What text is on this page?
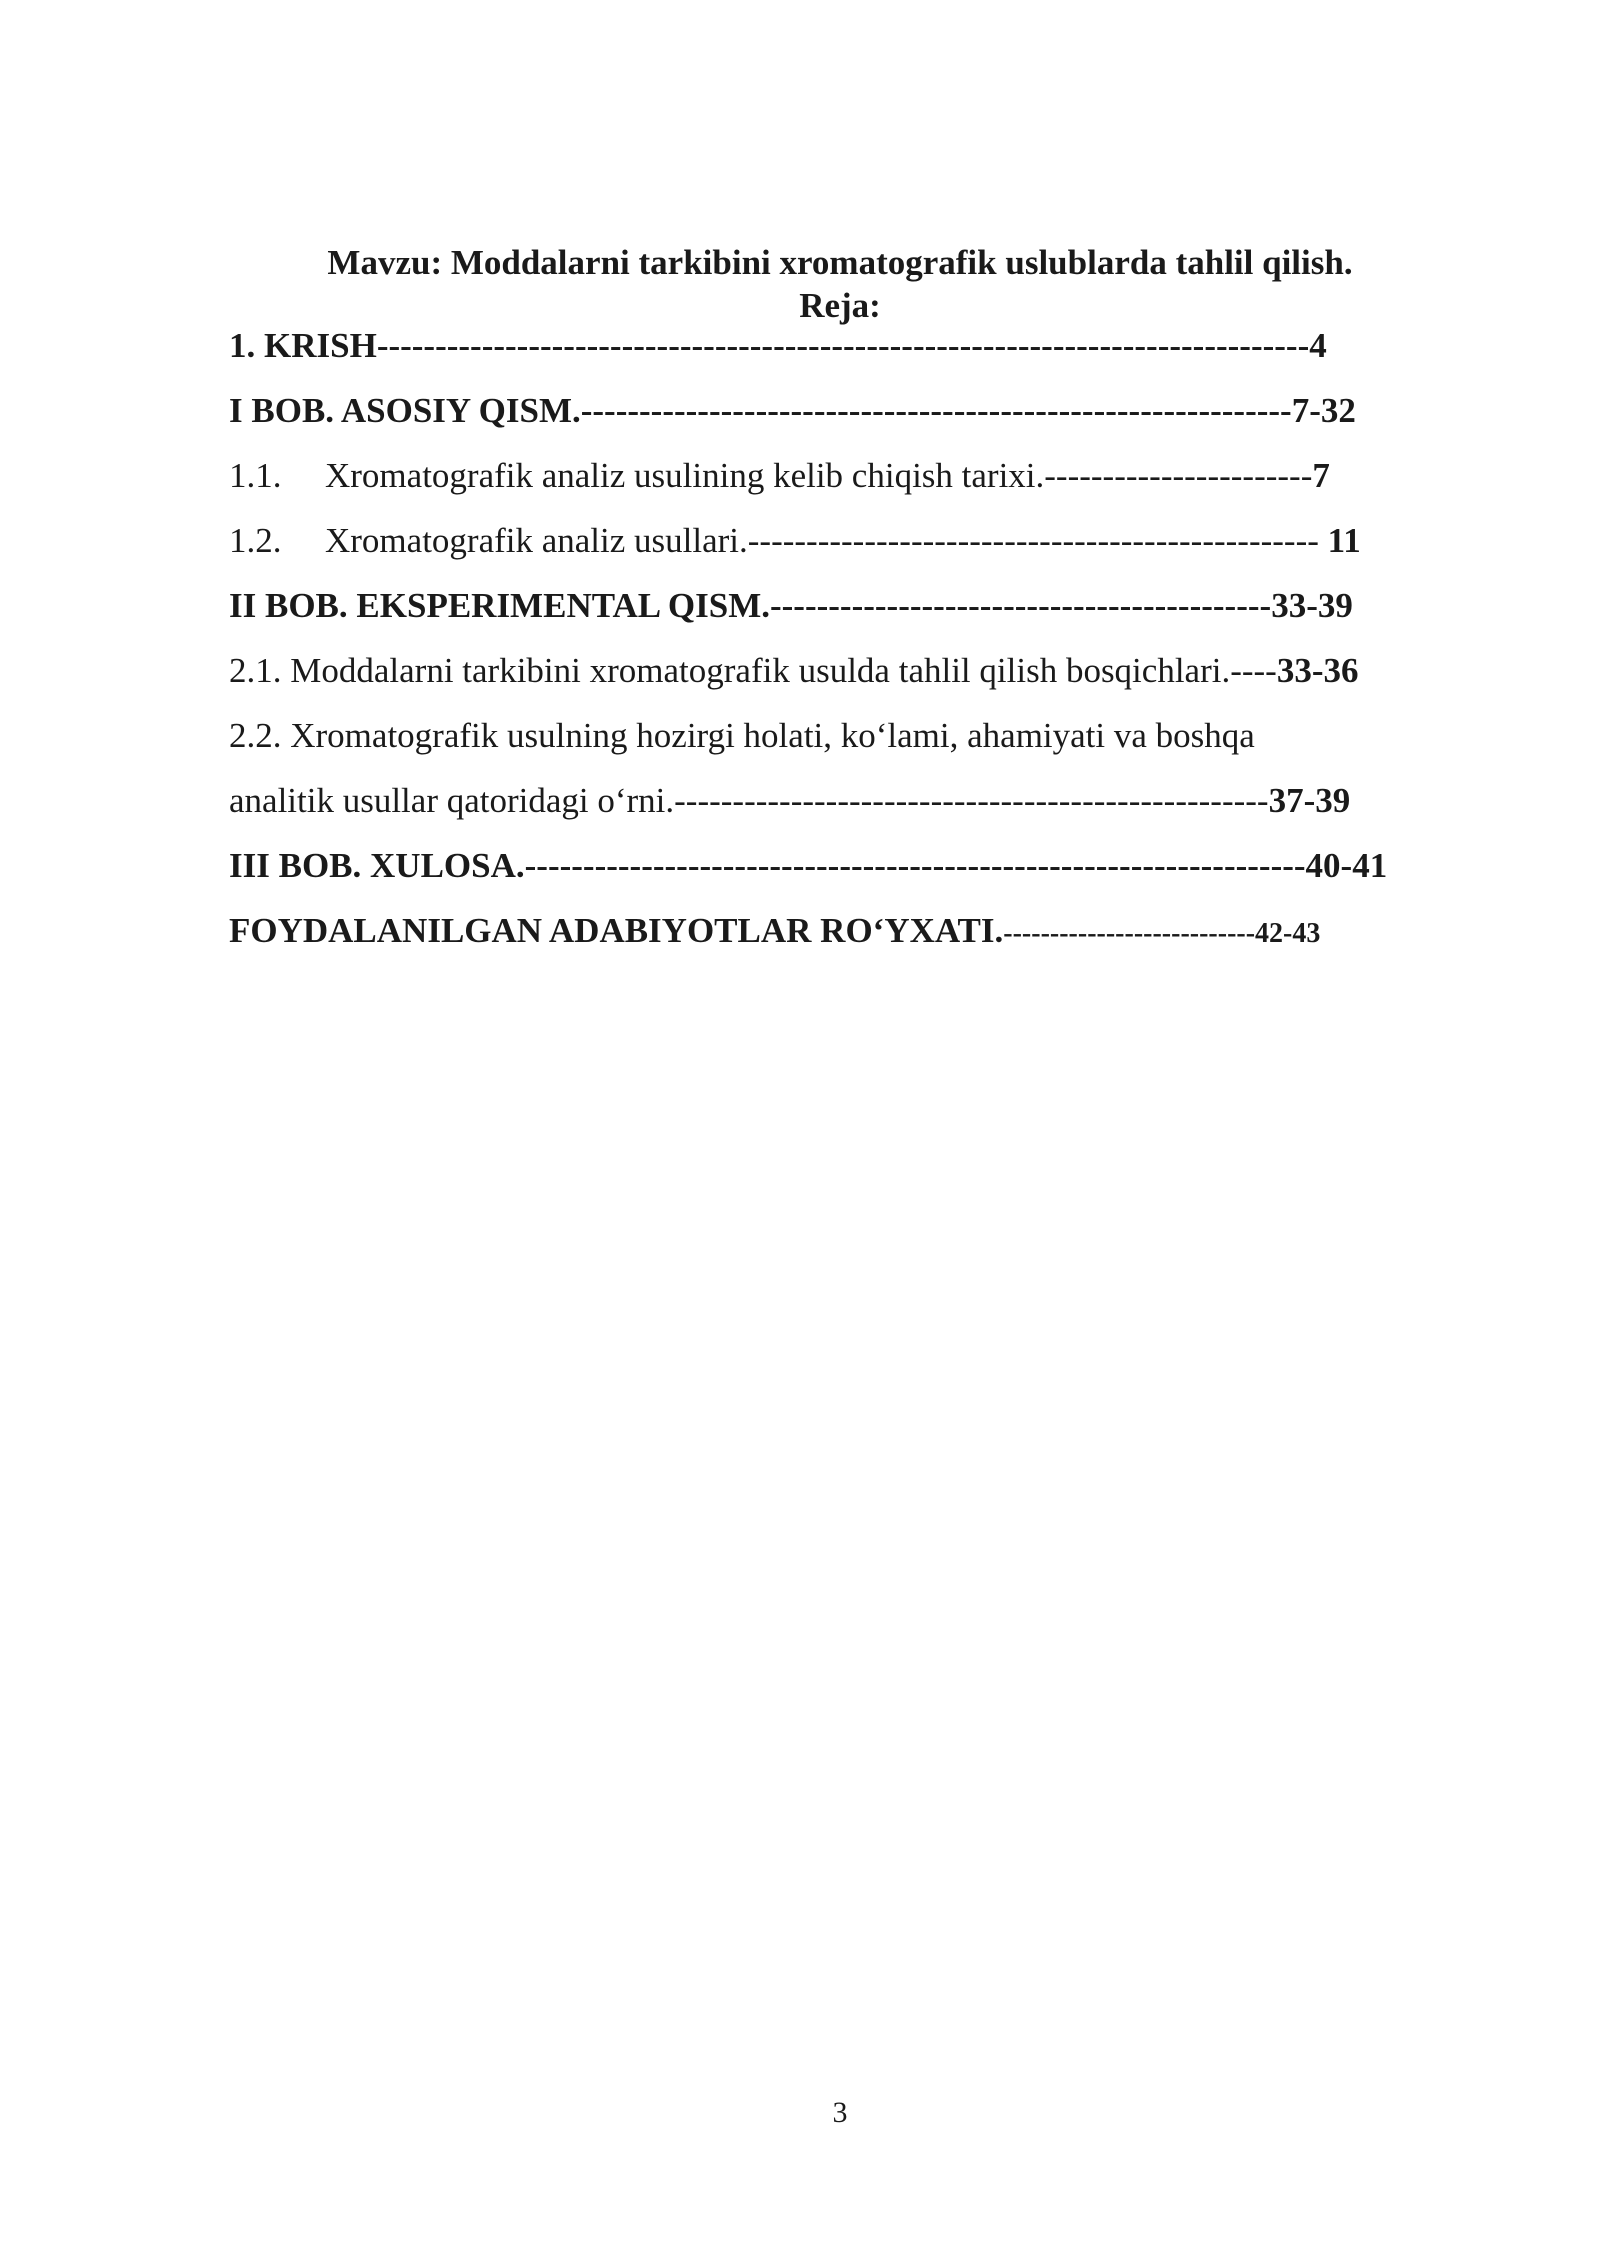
Mavzu: Moddalarni tarkibini xromatografik uslublarda tahlil qilish.
Reja:
1. KRISH--------------------------------------------------------------------------------4
I BOB. ASOSIY QISM.-------------------------------------------------------------7-32
1.1. Xromatografik analiz usulining kelib chiqish tarixi.-----------------------7
1.2. Xromatografik analiz usullari.------------------------------------------------- 11
II BOB. EKSPERIMENTAL QISM.-------------------------------------------33-39
2.1. Moddalarni tarkibini xromatografik usulda tahlil qilish bosqichlari.----33-36
2.2. Xromatografik usulning hozirgi holati, ko‘lami, ahamiyati va boshqa
analitik usullar qatoridagi o‘rni.---------------------------------------------------37-39
III BOB. XULOSA.-------------------------------------------------------------------40-41
FOYDALANILGAN ADABIYOTLAR RO‘YXATI.---------------------------42-43
3
